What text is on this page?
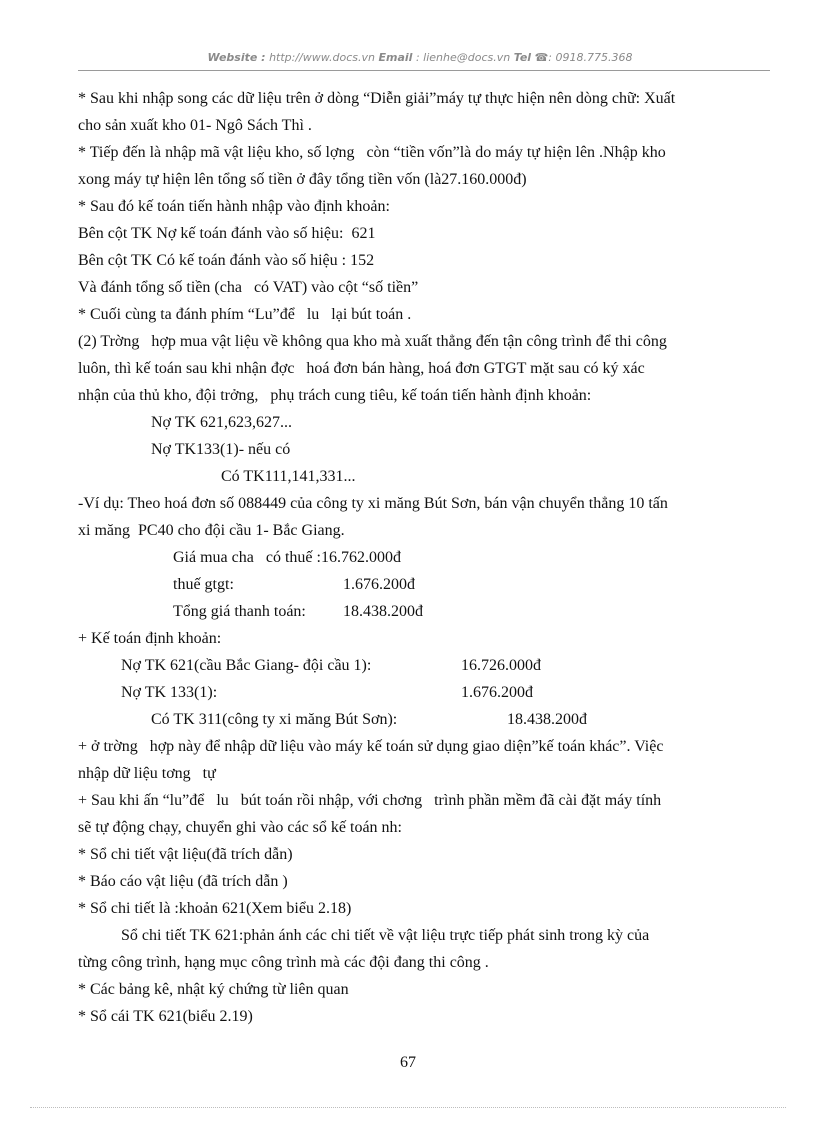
Website : http://www.docs.vn Email : lienhe@docs.vn Tel ☎: 0918.775.368
* Sau khi nhập song các dữ liệu trên ở dòng “Diễn giải”máy tự thực hiện nên dòng chữ: Xuất
cho sản xuất kho 01- Ngô Sách Thì .
* Tiếp đến là nhập mã vật liệu kho, số lợng   còn “tiền vốn”là do máy tự hiện lên .Nhập kho
xong máy tự hiện lên tổng số tiền ở đây tổng tiền vốn (là27.160.000đ)
* Sau đó kế toán tiến hành nhập vào định khoản:
Bên cột TK Nợ kế toán đánh vào số hiệu:  621
Bên cột TK Có kế toán đánh vào số hiệu : 152
Và đánh tổng số tiền (cha   có VAT) vào cột “số tiền”
* Cuối cùng ta đánh phím “Lu”để   lu   lại bút toán .
(2) Trờng   hợp mua vật liệu về không qua kho mà xuất thẳng đến tận công trình để thi công
luôn, thì kế toán sau khi nhận đợc   hoá đơn bán hàng, hoá đơn GTGT mặt sau có ký xác
nhận của thủ kho, đội trởng,   phụ trách cung tiêu, kế toán tiến hành định khoản:
Nợ TK 621,623,627...
Nợ TK133(1)- nếu có
Có TK111,141,331...
-Ví dụ: Theo hoá đơn số 088449 của công ty xi măng Bút Sơn, bán vận chuyển thẳng 10 tấn
xi măng  PC40 cho đội cầu 1- Bắc Giang.
Giá mua cha   có thuế :16.762.000đ
thuế gtgt:	1.676.200đ
Tổng giá thanh toán:	18.438.200đ
+ Kế toán định khoản:
Nợ TK 621(cầu Bắc Giang- đội cầu 1):	16.726.000đ
Nợ TK 133(1):	1.676.200đ
Có TK 311(công ty xi măng Bút Sơn):	18.438.200đ
+ ở trờng   hợp này để nhập dữ liệu vào máy kế toán sử dụng giao diện”kế toán khác”. Việc
nhập dữ liệu tơng   tự
+ Sau khi ấn “lu”để   lu   bút toán rồi nhập, với chơng   trình phần mềm đã cài đặt máy tính
sẽ tự động chạy, chuyển ghi vào các sổ kế toán nh:
* Sổ chi tiết vật liệu(đã trích dẫn)
* Báo cáo vật liệu (đã trích dẫn )
* Sổ chi tiết là :khoản 621(Xem biểu 2.18)
Sổ chi tiết TK 621:phản ánh các chi tiết về vật liệu trực tiếp phát sinh trong kỳ của
từng công trình, hạng mục công trình mà các đội đang thi công .
* Các bảng kê, nhật ký chứng từ liên quan
* Sổ cái TK 621(biểu 2.19)
67
